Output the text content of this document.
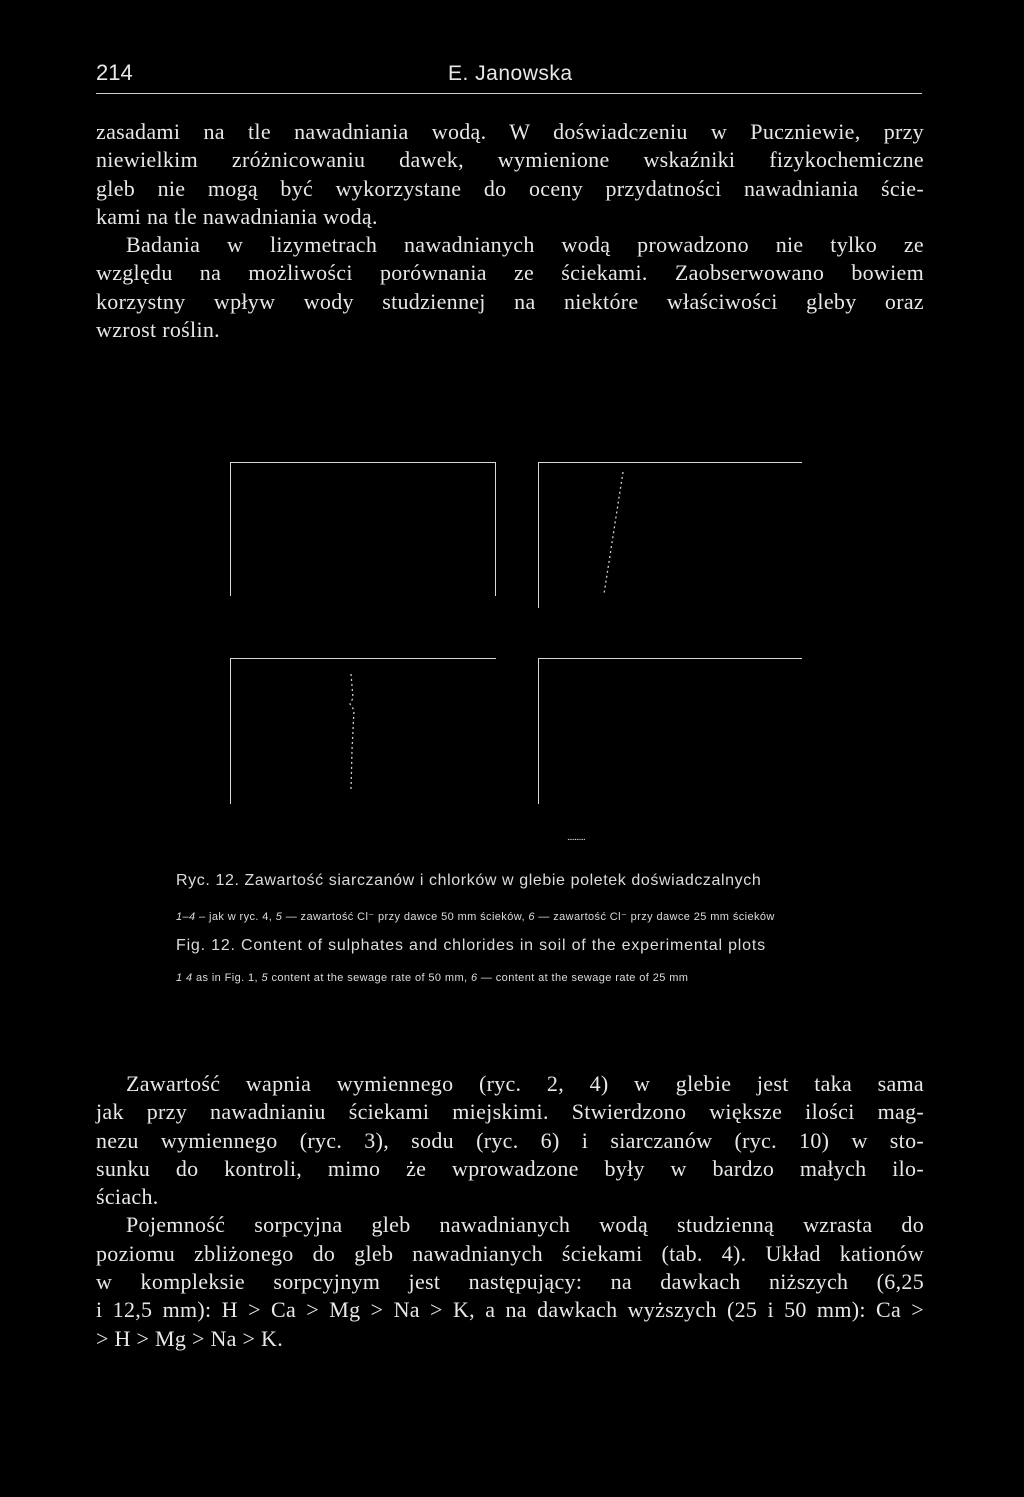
214	E. Janowska
zasadami na tle nawadniania wodą. W doświadczeniu w Puczniewie, przy
niewielkim zróżnicowaniu dawek, wymienione wskaźniki fizykochemiczne
gleb nie mogą być wykorzystane do oceny przydatności nawadniania ście-
kami na tle nawadniania wodą.
Badania w lizymetrach nawadnianych wodą prowadzono nie tylko ze
względu na możliwości porównania ze ściekami. Zaobserwowano bowiem
korzystny wpływ wody studziennej na niektóre właściwości gleby oraz
wzrost roślin.
..........
Ryc. 12. Zawartość siarczanów i chlorków w glebie poletek doświadczalnych
1–4 – jak w ryc. 4, 5 — zawartość Cl⁻ przy dawce 50 mm ścieków, 6 — zawartość Cl⁻ przy dawce 25 mm ścieków
Fig. 12. Content of sulphates and chlorides in soil of the experimental plots
1 4 as in Fig. 1, 5 content at the sewage rate of 50 mm, 6 — content at the sewage rate of 25 mm
Zawartość wapnia wymiennego (ryc. 2, 4) w glebie jest taka sama
jak przy nawadnianiu ściekami miejskimi. Stwierdzono większe ilości mag-
nezu wymiennego (ryc. 3), sodu (ryc. 6) i siarczanów (ryc. 10) w sto-
sunku do kontroli, mimo że wprowadzone były w bardzo małych ilo-
ściach.
Pojemność sorpcyjna gleb nawadnianych wodą studzienną wzrasta do
poziomu zbliżonego do gleb nawadnianych ściekami (tab. 4). Układ kationów
w kompleksie sorpcyjnym jest następujący: na dawkach niższych (6,25
i 12,5 mm): H > Ca > Mg > Na > K, a na dawkach wyższych (25 i 50 mm): Ca >
> H > Mg > Na > K.
